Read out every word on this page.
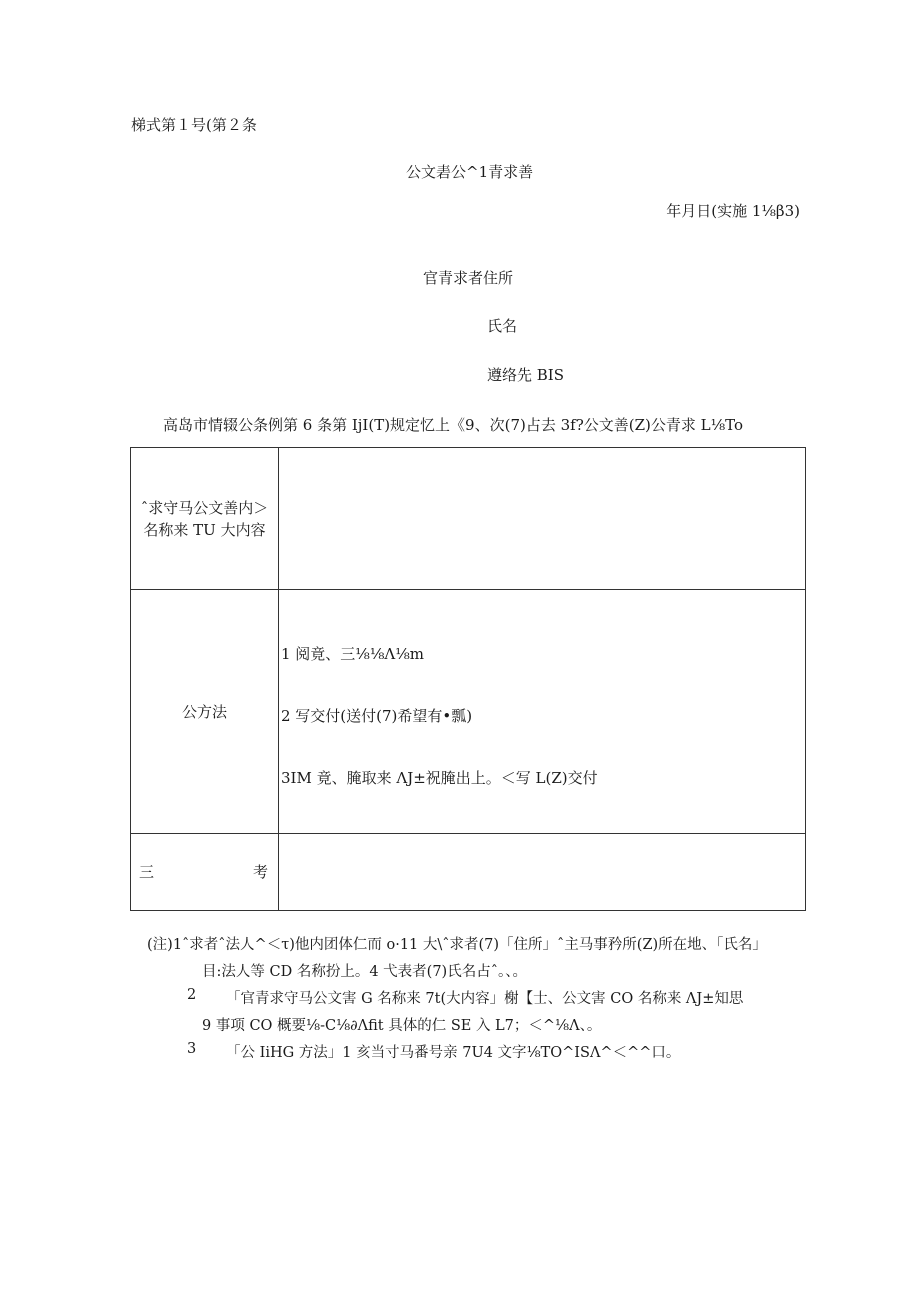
梯式第１号(第２条
公文砉公^1青求善
年月日(实施 1⅛β3)
官青求者住所
氏名
遵络先 BIS
高岛市情辍公条例第 6 条第 IjI(T)规定忆上《9、次(7)占去 3f?公文善(Z)公青求 L⅛To
ˆ求守马公文善内＞
名称来 TU 大内容	

公方法	1 阅竟、三⅛⅛Λ⅛m
2 写交付(送付(7)希望有•瓢)
3IM 竟、腌取来 ΛJ±祝腌出上。＜写 L(Z)交付

三 考	

(注)1ˆ求者ˆ法人^＜τ)他内团体仁而 o·11 大\ˆ求者(7)「住所」ˆ主马事矜所(Z)所在地、「氏名」
目:法人等 CD 名称扮上。4 弋表者(7)氏名占ˆ。、。
2 「官青求守马公文害 G 名称来 7t(大内容」榭【士、公文害 CO 名称来 ΛJ±知思
9 事项 CO 概要⅛-C⅛∂Λfit 具体的仁 SE 入 L7；＜^⅛Λ、。
3 「公 IiHG 方法」1 亥当寸马番号亲 7U4 文字⅛TO^ISΛ^＜^^口。
